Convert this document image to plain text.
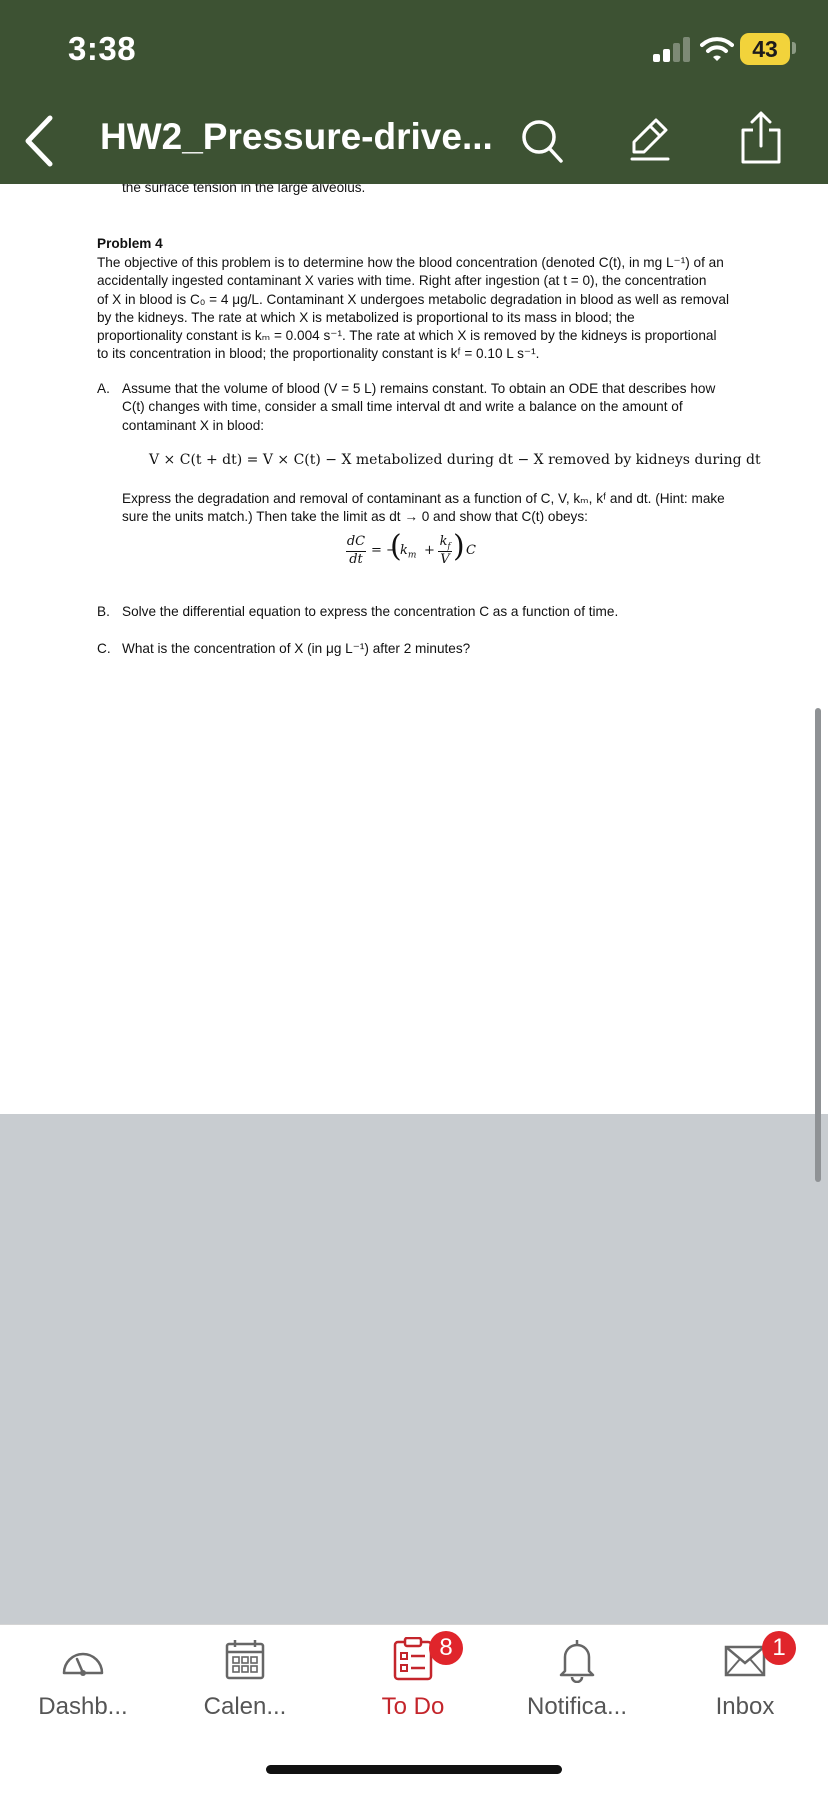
3:38	43
HW2_Pressure-drive...
the surface tension in the large alveolus.
Problem 4
The objective of this problem is to determine how the blood concentration (denoted C(t), in mg L⁻¹) of an
accidentally ingested contaminant X varies with time. Right after ingestion (at t = 0), the concentration
of X in blood is C₀ = 4 μg/L. Contaminant X undergoes metabolic degradation in blood as well as removal
by the kidneys. The rate at which X is metabolized is proportional to its mass in blood; the
proportionality constant is kₘ = 0.004 s⁻¹. The rate at which X is removed by the kidneys is proportional
to its concentration in blood; the proportionality constant is kᶠ = 0.10 L s⁻¹.
A. Assume that the volume of blood (V = 5 L) remains constant. To obtain an ODE that describes how
C(t) changes with time, consider a small time interval dt and write a balance on the amount of
contaminant X in blood:
V × C(t + dt) = V × C(t) − X metabolized during dt − X removed by kidneys during dt
Express the degradation and removal of contaminant as a function of C, V, kₘ, kᶠ and dt. (Hint: make
sure the units match.) Then take the limit as dt → 0 and show that C(t) obeys:
dC
dt
= −
(
$k_m$ +
$k_f$
V ) C
B. Solve the differential equation to express the concentration C as a function of time.
C. What is the concentration of X (in μg L⁻¹) after 2 minutes?
Dashb...	Calen...
8
To Do	Notifica...
1
Inbox
